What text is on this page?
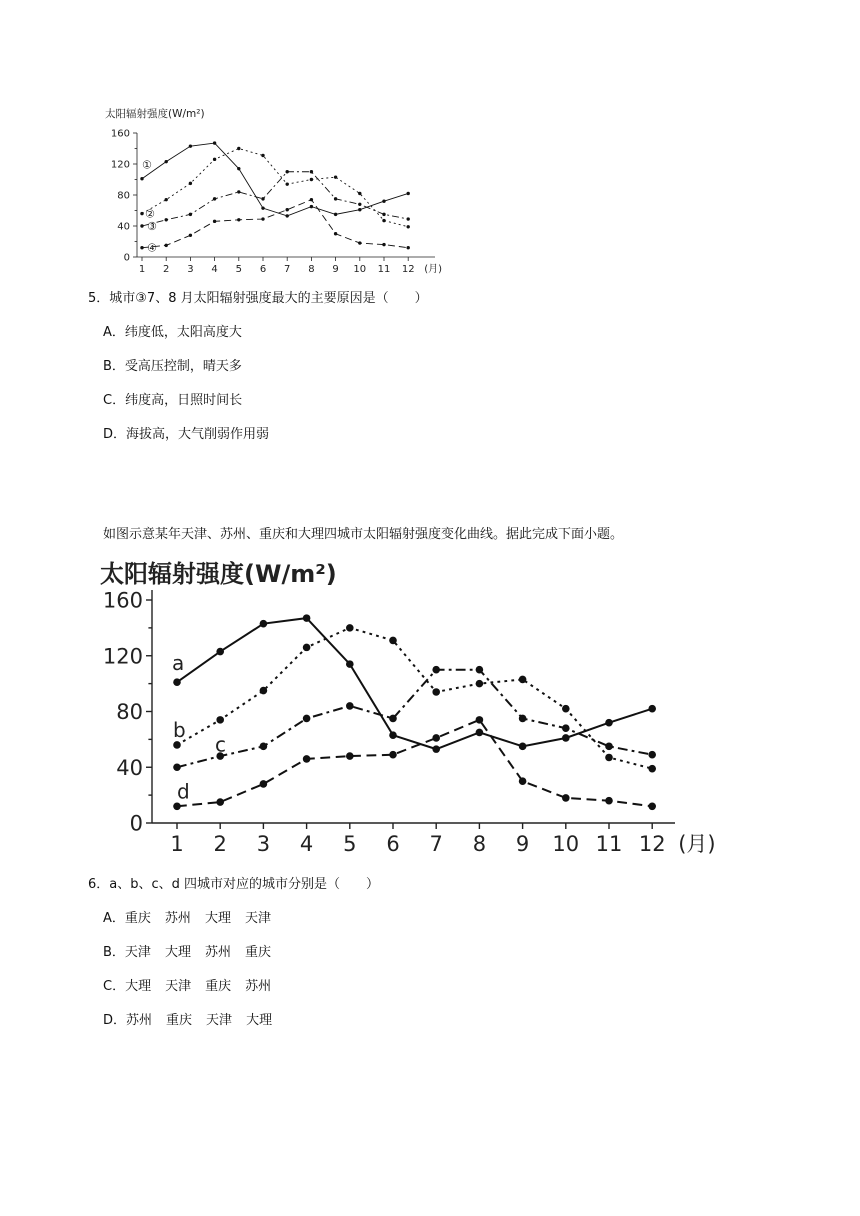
太阳辐射强度(W/m²)
0
40
80
120
160
1 2 3 4 5 6 7 8 9 10 11 12 (月)
①
②
③
④
5．城市③7、8 月太阳辐射强度最大的主要原因是（　　）
A．纬度低，太阳高度大
B．受高压控制，晴天多
C．纬度高，日照时间长
D．海拔高，大气削弱作用弱
如图示意某年天津、苏州、重庆和大理四城市太阳辐射强度变化曲线。据此完成下面小题。
太阳辐射强度(W/m²)
0
40
80
120
160
1 2 3 4 5 6 7 8 9 10 11 12 (月)
a
b
c
d
6．a、b、c、d 四城市对应的城市分别是（　　）
A．重庆 苏州 大理 天津
B．天津 大理 苏州 重庆
C．大理 天津 重庆 苏州
D．苏州 重庆 天津 大理
